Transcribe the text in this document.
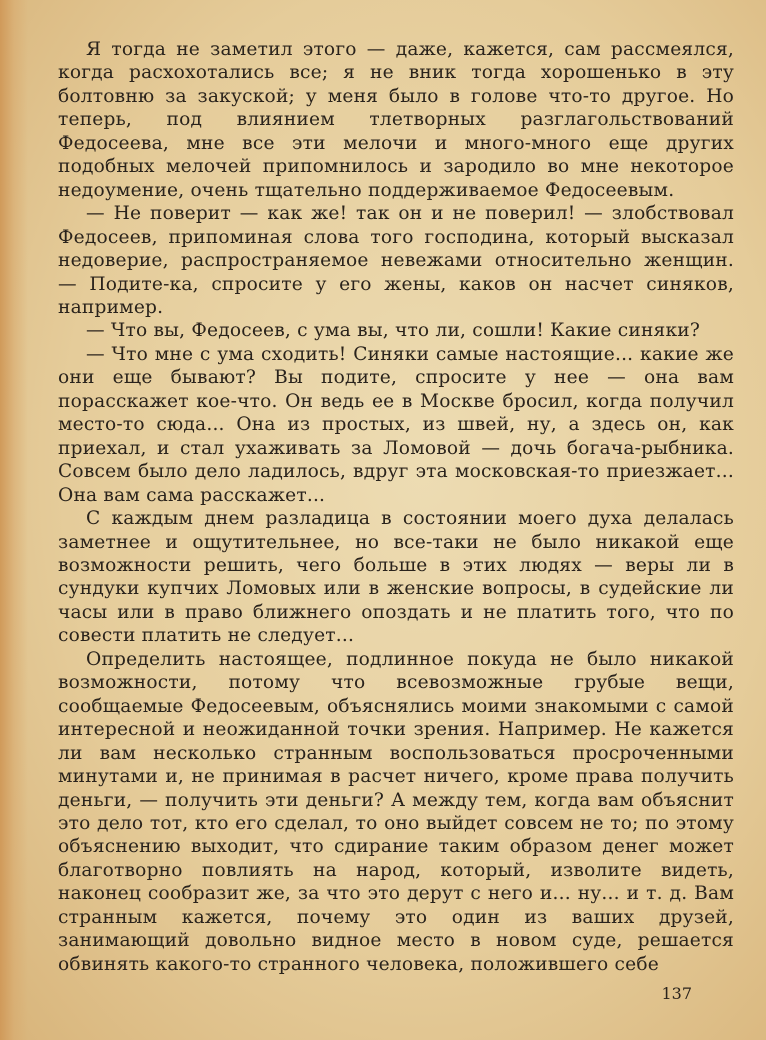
Я тогда не заметил этого — даже, кажется, сам рассмеялся, когда расхохотались все; я не вник тогда хорошенько в эту болтовню за закуской; у меня было в голове что-то другое. Но теперь, под влиянием тлетворных разглагольствований Федосеева, мне все эти мелочи и много-много еще других подобных мелочей припомнилось и зародило во мне некоторое недоумение, очень тщательно поддерживаемое Федосеевым.

— Не поверит — как же! так он и не поверил! — злобствовал Федосеев, припоминая слова того господина, который высказал недоверие, распространяемое невежами относительно женщин. — Подите-ка, спросите у его жены, каков он насчет синяков, например.

— Что вы, Федосеев, с ума вы, что ли, сошли! Какие синяки?

— Что мне с ума сходить! Синяки самые настоящие... какие же они еще бывают? Вы подите, спросите у нее — она вам порасскажет кое-что. Он ведь ее в Москве бросил, когда получил место-то сюда... Она из простых, из швей, ну, а здесь он, как приехал, и стал ухаживать за Ломовой — дочь богача-рыбника. Совсем было дело ладилось, вдруг эта московская-то приезжает... Она вам сама расскажет...

С каждым днем разладица в состоянии моего духа делалась заметнее и ощутительнее, но все-таки не было никакой еще возможности решить, чего больше в этих людях — веры ли в сундуки купчих Ломовых или в женские вопросы, в судейские ли часы или в право ближнего опоздать и не платить того, что по совести платить не следует...

Определить настоящее, подлинное покуда не было никакой возможности, потому что всевозможные грубые вещи, сообщаемые Федосеевым, объяснялись моими знакомыми с самой интересной и неожиданной точки зрения. Например. Не кажется ли вам несколько странным воспользоваться просроченными минутами и, не принимая в расчет ничего, кроме права получить деньги, — получить эти деньги? А между тем, когда вам объяснит это дело тот, кто его сделал, то оно выйдет совсем не то; по этому объяснению выходит, что сдирание таким образом денег может благотворно повлиять на народ, который, изволите видеть, наконец сообразит же, за что это дерут с него и... ну... и т. д. Вам странным кажется, почему это один из ваших друзей, занимающий довольно видное место в новом суде, решается обвинять какого-то странного человека, положившего себе

137
